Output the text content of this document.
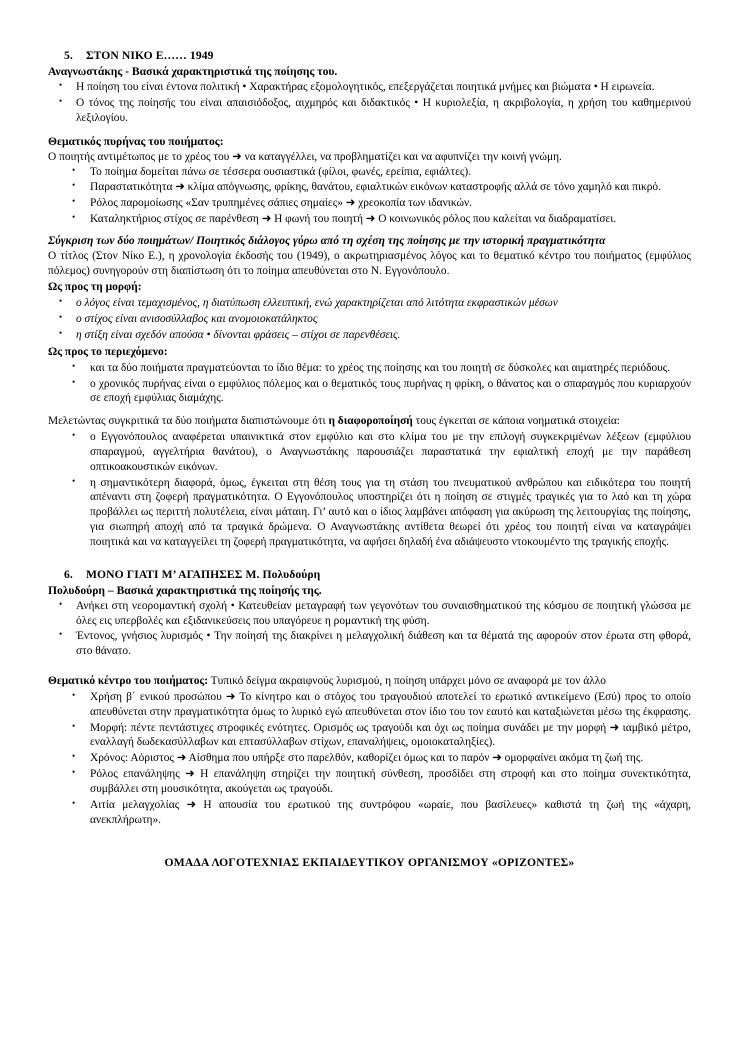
5. ΣΤΟΝ ΝΙΚΟ Ε…… 1949

Αναγνωστάκης - Βασικά χαρακτηριστικά της ποίησης του.

• Η ποίηση του είναι έντονα πολιτική • Χαρακτήρας εξομολογητικός, επεξεργάζεται ποιητικά μνήμες και βιώματα • Η ειρωνεία.
• Ο τόνος της ποίησής του είναι απαισιόδοξος, αιχμηρός και διδακτικός • Η κυριολεξία, η ακριβολογία, η χρήση του καθημερινού λεξιλογίου.

Θεματικός πυρήνας του ποιήματος:

Ο ποιητής αντιμέτωπος με το χρέος του ➜ να καταγγέλλει, να προβληματίζει και να αφυπνίζει την κοινή γνώμη.

• Το ποίημα δομείται πάνω σε τέσσερα ουσιαστικά (φίλοι, φωνές, ερείπια, εφιάλτες).
• Παραστατικότητα ➜ κλίμα απόγνωσης, φρίκης, θανάτου, εφιαλτικών εικόνων καταστροφής αλλά σε τόνο χαμηλό και πικρό.
• Ρόλος παρομοίωσης «Σαν τρυπημένες σάπιες σημαίες» ➜ χρεοκοπία των ιδανικών.
• Καταληκτήριος στίχος σε παρένθεση ➜ Η φωνή του ποιητή ➜ Ο κοινωνικός ρόλος που καλείται να διαδραματίσει.

Σύγκριση των δύο ποιημάτων/ Ποιητικός διάλογος γύρω από τη σχέση της ποίησης με την ιστορική πραγματικότητα

Ο τίτλος (Στον Νίκο Ε.), η χρονολογία έκδοσής του (1949), ο ακρωτηριασμένος λόγος και το θεματικό κέντρο του ποιήματος (εμφύλιος πόλεμος) συνηγορούν στη διαπίστωση ότι το ποίημα απευθύνεται στο Ν. Εγγονόπουλο.

Ως προς τη μορφή:

• ο λόγος είναι τεμαχισμένος, η διατύπωση ελλειπτική, ενώ χαρακτηρίζεται από λιτότητα εκφραστικών μέσων
• ο στίχος είναι ανισοσύλλαβος και ανομοιοκατάληκτος
• η στίξη είναι σχεδόν απούσα • δίνονται φράσεις – στίχοι σε παρενθέσεις.

Ως προς το περιεχόμενο:

• και τα δύο ποιήματα πραγματεύονται το ίδιο θέμα: το χρέος της ποίησης και του ποιητή σε δύσκολες και αιματηρές περιόδους.
• ο χρονικός πυρήνας είναι ο εμφύλιος πόλεμος και ο θεματικός τους πυρήνας η φρίκη, ο θάνατος και ο σπαραγμός που κυριαρχούν σε εποχή εμφύλιας διαμάχης.

Μελετώντας συγκριτικά τα δύο ποιήματα διαπιστώνουμε ότι η διαφοροποίησή τους έγκειται σε κάποια νοηματικά στοιχεία:

• ο Εγγονόπουλος αναφέρεται υπαινικτικά στον εμφύλιο και στο κλίμα του με την επιλογή συγκεκριμένων λέξεων (εμφύλιου σπαραγμού, αγγελτήρια θανάτου), ο Αναγνωστάκης παρουσιάζει παραστατικά την εφιαλτική εποχή με την παράθεση οπτικοακουστικών εικόνων.
• η σημαντικότερη διαφορά, όμως, έγκειται στη θέση τους για τη στάση του πνευματικού ανθρώπου και ειδικότερα του ποιητή απέναντι στη ζοφερή πραγματικότητα. Ο Εγγονόπουλος υποστηρίζει ότι η ποίηση σε στιγμές τραγικές για το λαό και τη χώρα προβάλλει ως περιττή πολυτέλεια, είναι μάταιη. Γι’ αυτό και ο ίδιος λαμβάνει απόφαση για ακύρωση της λειτουργίας της ποίησης, για σιωπηρή αποχή από τα τραγικά δρώμενα. Ο Αναγνωστάκης αντίθετα θεωρεί ότι χρέος του ποιητή είναι να καταγράψει ποιητικά και να καταγγείλει τη ζοφερή πραγματικότητα, να αφήσει δηλαδή ένα αδιάψευστο ντοκουμέντο της τραγικής εποχής.

6. ΜΟΝΟ ΓΙΑΤΙ Μ’ ΑΓΑΠΗΣΕΣ Μ. Πολυδούρη

Πολυδούρη – Βασικά χαρακτηριστικά της ποίησής της.

• Ανήκει στη νεορομαντική σχολή • Κατευθείαν μεταγραφή των γεγονότων του συναισθηματικού της κόσμου σε ποιητική γλώσσα με όλες εις υπερβολές και εξιδανικεύσεις που υπαγόρευε η ρομαντική της φύση.
• Έντονος, γνήσιος λυρισμός • Την ποίησή της διακρίνει η μελαγχολική διάθεση και τα θέματά της αφορούν στον έρωτα στη φθορά, στο θάνατο.

Θεματικό κέντρο του ποιήματος: Τυπικό δείγμα ακραιφνούς λυρισμού, η ποίηση υπάρχει μόνο σε αναφορά με τον άλλο

• Χρήση β΄ ενικού προσώπου ➜ Το κίνητρο και ο στόχος του τραγουδιού αποτελεί το ερωτικό αντικείμενο (Εσύ) προς το οποίο απευθύνεται στην πραγματικότητα όμως το λυρικό εγώ απευθύνεται στον ίδιο του τον εαυτό και καταξιώνεται μέσω της έκφρασης.
• Μορφή: πέντε πεντάστιχες στροφικές ενότητες. Ορισμός ως τραγούδι και όχι ως ποίημα συνάδει με την μορφή ➜ ιαμβικό μέτρο, εναλλαγή δωδεκασύλλαβων και επτασύλλαβων στίχων, επαναλήψεις, ομοιοκαταληξίες).
• Χρόνος: Αόριστος ➜ Αίσθημα που υπήρξε στο παρελθόν, καθορίζει όμως και το παρόν ➜ ομορφαίνει ακόμα τη ζωή της.
• Ρόλος επανάληψης ➜ Η επανάληψη στηρίζει την ποιητική σύνθεση, προσδίδει στη στροφή και στο ποίημα συνεκτικότητα, συμβάλλει στη μουσικότητα, ακούγεται ως τραγούδι.
• Αιτία μελαγχολίας ➜ Η απουσία του ερωτικού της συντρόφου «ωραίε, που βασίλευες» καθιστά τη ζωή της «άχαρη, ανεκπλήρωτη».

ΟΜΑΔΑ ΛΟΓΟΤΕΧΝΙΑΣ ΕΚΠΑΙΔΕΥΤΙΚΟΥ ΟΡΓΑΝΙΣΜΟΥ «ΟΡΙΖΟΝΤΕΣ»
